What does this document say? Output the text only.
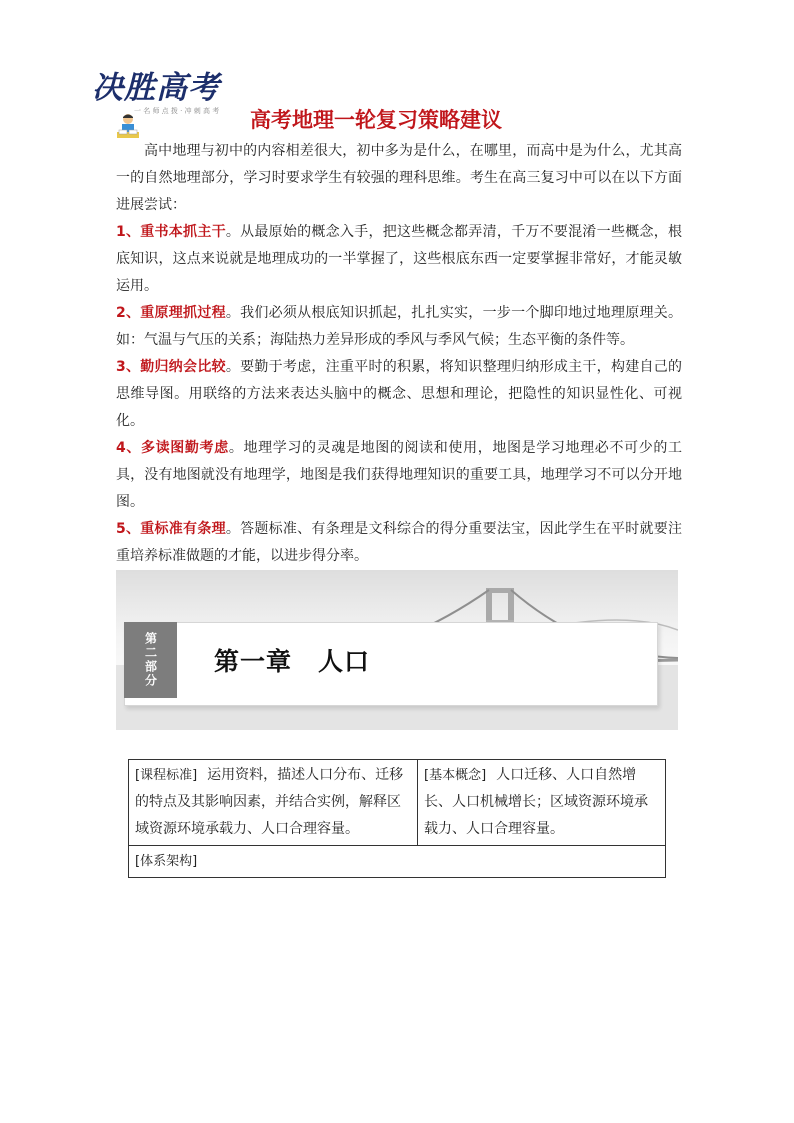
决胜高考
一 名 师 点 拨 · 冲 刺 高 考 高考地理一轮复习策略建议

高中地理与初中的内容相差很大，初中多为是什么，在哪里，而高中是为什么，尤其高一的自然地理部分，学习时要求学生有较强的理科思维。考生在高三复习中可以在以下方面进展尝试：

1、重书本抓主干。从最原始的概念入手，把这些概念都弄清，千万不要混淆一些概念，根底知识，这点来说就是地理成功的一半掌握了，这些根底东西一定要掌握非常好，才能灵敏运用。

2、重原理抓过程。我们必须从根底知识抓起，扎扎实实，一步一个脚印地过地理原理关。如：气温与气压的关系；海陆热力差异形成的季风与季风气候；生态平衡的条件等。

3、勤归纳会比较。要勤于考虑，注重平时的积累，将知识整理归纳形成主干，构建自己的思维导图。用联络的方法来表达头脑中的概念、思想和理论，把隐性的知识显性化、可视化。

4、多读图勤考虑。地理学习的灵魂是地图的阅读和使用，地图是学习地理必不可少的工具，没有地图就没有地理学，地图是我们获得地理知识的重要工具，地理学习不可以分开地图。

5、重标准有条理。答题标准、有条理是文科综合的得分重要法宝，因此学生在平时就要注重培养标准做题的才能，以进步得分率。

第二部分 第一章　人口
[课程标准] 运用资料，描述人口分布、迁移的特点及其影响因素，并结合实例，解释区域资源环境承载力、人口合理容量。	[基本概念] 人口迁移、人口自然增长、人口机械增长；区域资源环境承载力、人口合理容量。
[体系架构]
